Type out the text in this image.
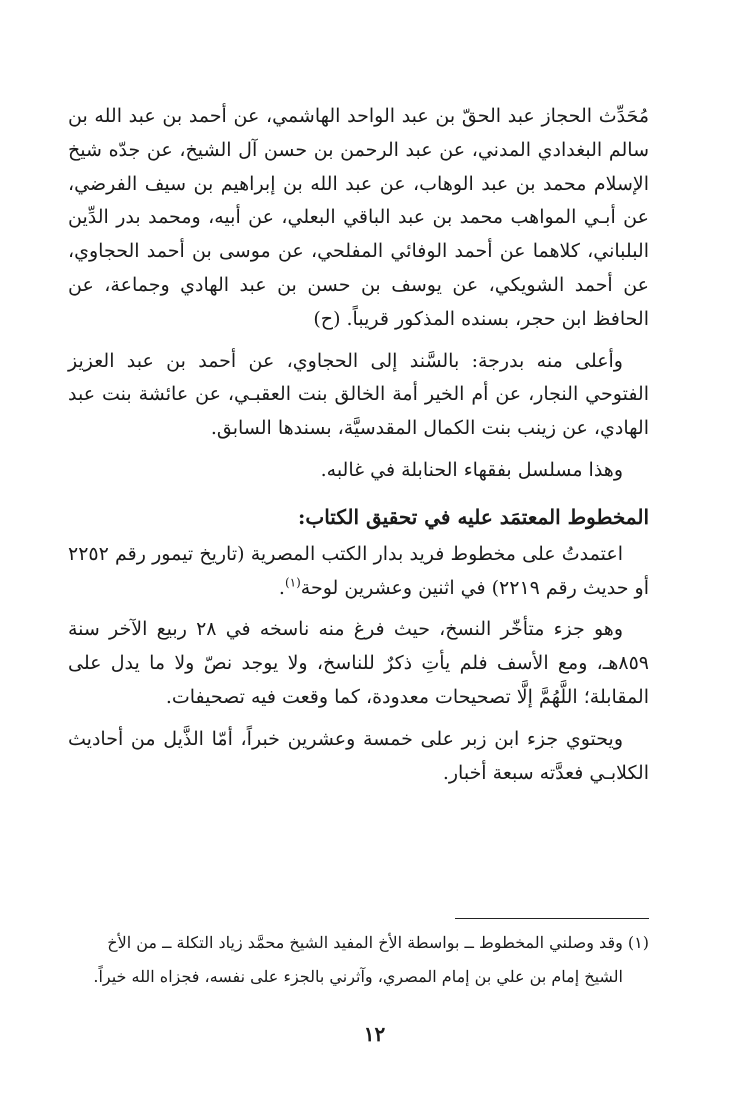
مُحَدِّث الحجاز عبد الحقّ بن عبد الواحد الهاشمي، عن أحمد بن عبد الله بن سالم البغدادي المدني، عن عبد الرحمن بن حسن آل الشيخ، عن جدّه شيخ الإسلام محمد بن عبد الوهاب، عن عبد الله بن إبراهيم بن سيف الفرضي، عن أبـي المواهب محمد بن عبد الباقي البعلي، عن أبيه، ومحمد بدر الدِّين البلباني، كلاهما عن أحمد الوفائي المفلحي، عن موسى بن أحمد الحجاوي، عن أحمد الشويكي، عن يوسف بن حسن بن عبد الهادي وجماعة، عن الحافظ ابن حجر، بسنده المذكور قريباً. (ح)

وأعلى منه بدرجة: بالسَّند إلى الحجاوي، عن أحمد بن عبد العزيز الفتوحي النجار، عن أم الخير أمة الخالق بنت العقبـي، عن عائشة بنت عبد الهادي، عن زينب بنت الكمال المقدسيَّة، بسندها السابق.

وهذا مسلسل بفقهاء الحنابلة في غالبه.

المخطوط المعتمَد عليه في تحقيق الكتاب:

اعتمدتُ على مخطوط فريد بدار الكتب المصرية (تاريخ تيمور رقم ٢٢٥٢ أو حديث رقم ٢٢١٩) في اثنين وعشرين لوحة$^{(١)}$.

وهو جزء متأخّر النسخ، حيث فرغ منه ناسخه في ٢٨ ربيع الآخر سنة ٨٥٩هـ، ومع الأسف فلم يأتِ ذكرٌ للناسخ، ولا يوجد نصّ ولا ما يدل على المقابلة؛ اللَّهُمَّ إلَّا تصحيحات معدودة، كما وقعت فيه تصحيفات.

ويحتوي جزء ابن زبر على خمسة وعشرين خبراً، أمّا الذَّيل من أحاديث الكلابـي فعدَّته سبعة أخبار.

(١) وقد وصلني المخطوط ــ بواسطة الأخ المفيد الشيخ محمَّد زياد التكلة ــ من الأخ
الشيخ إمام بن علي بن إمام المصري، وآثرني بالجزء على نفسه، فجزاه الله خيراً.
١٢
